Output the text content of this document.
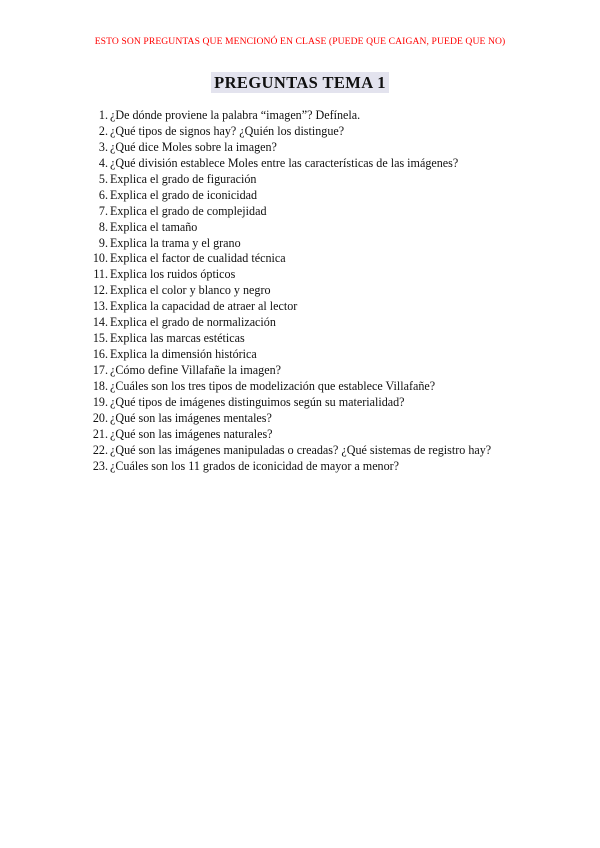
ESTO SON PREGUNTAS QUE MENCIONÓ EN CLASE (PUEDE QUE CAIGAN, PUEDE QUE NO)
PREGUNTAS TEMA 1
1. ¿De dónde proviene la palabra “imagen”? Defínela.
2. ¿Qué tipos de signos hay? ¿Quién los distingue?
3. ¿Qué dice Moles sobre la imagen?
4. ¿Qué división establece Moles entre las características de las imágenes?
5. Explica el grado de figuración
6. Explica el grado de iconicidad
7. Explica el grado de complejidad
8. Explica el tamaño
9. Explica la trama y el grano
10. Explica el factor de cualidad técnica
11. Explica los ruidos ópticos
12. Explica el color y blanco y negro
13. Explica la capacidad de atraer al lector
14. Explica el grado de normalización
15. Explica las marcas estéticas
16. Explica la dimensión histórica
17. ¿Cómo define Villafañe la imagen?
18. ¿Cuáles son los tres tipos de modelización que establece Villafañe?
19. ¿Qué tipos de imágenes distinguimos según su materialidad?
20. ¿Qué son las imágenes mentales?
21. ¿Qué son las imágenes naturales?
22. ¿Qué son las imágenes manipuladas o creadas? ¿Qué sistemas de registro hay?
23. ¿Cuáles son los 11 grados de iconicidad de mayor a menor?
